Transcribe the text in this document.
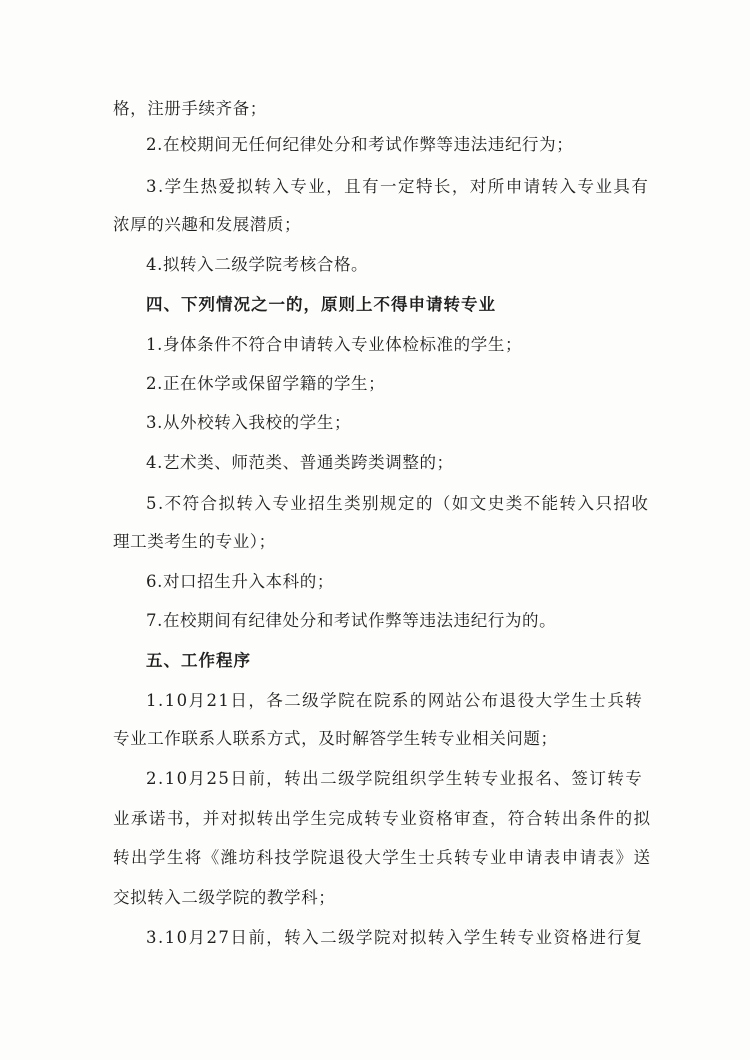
格，注册手续齐备；
2.在校期间无任何纪律处分和考试作弊等违法违纪行为；
3.学生热爱拟转入专业，且有一定特长，对所申请转入专业具有
浓厚的兴趣和发展潜质；
4.拟转入二级学院考核合格。
四、下列情况之一的，原则上不得申请转专业
1.身体条件不符合申请转入专业体检标准的学生；
2.正在休学或保留学籍的学生；
3.从外校转入我校的学生；
4.艺术类、师范类、普通类跨类调整的；
5.不符合拟转入专业招生类别规定的（如文史类不能转入只招收
理工类考生的专业）；
6.对口招生升入本科的；
7.在校期间有纪律处分和考试作弊等违法违纪行为的。
五、工作程序
1.10月21日，各二级学院在院系的网站公布退役大学生士兵转
专业工作联系人联系方式，及时解答学生转专业相关问题；
2.10月25日前，转出二级学院组织学生转专业报名、签订转专
业承诺书，并对拟转出学生完成转专业资格审查，符合转出条件的拟
转出学生将《潍坊科技学院退役大学生士兵转专业申请表申请表》送
交拟转入二级学院的教学科；
3.10月27日前，转入二级学院对拟转入学生转专业资格进行复
